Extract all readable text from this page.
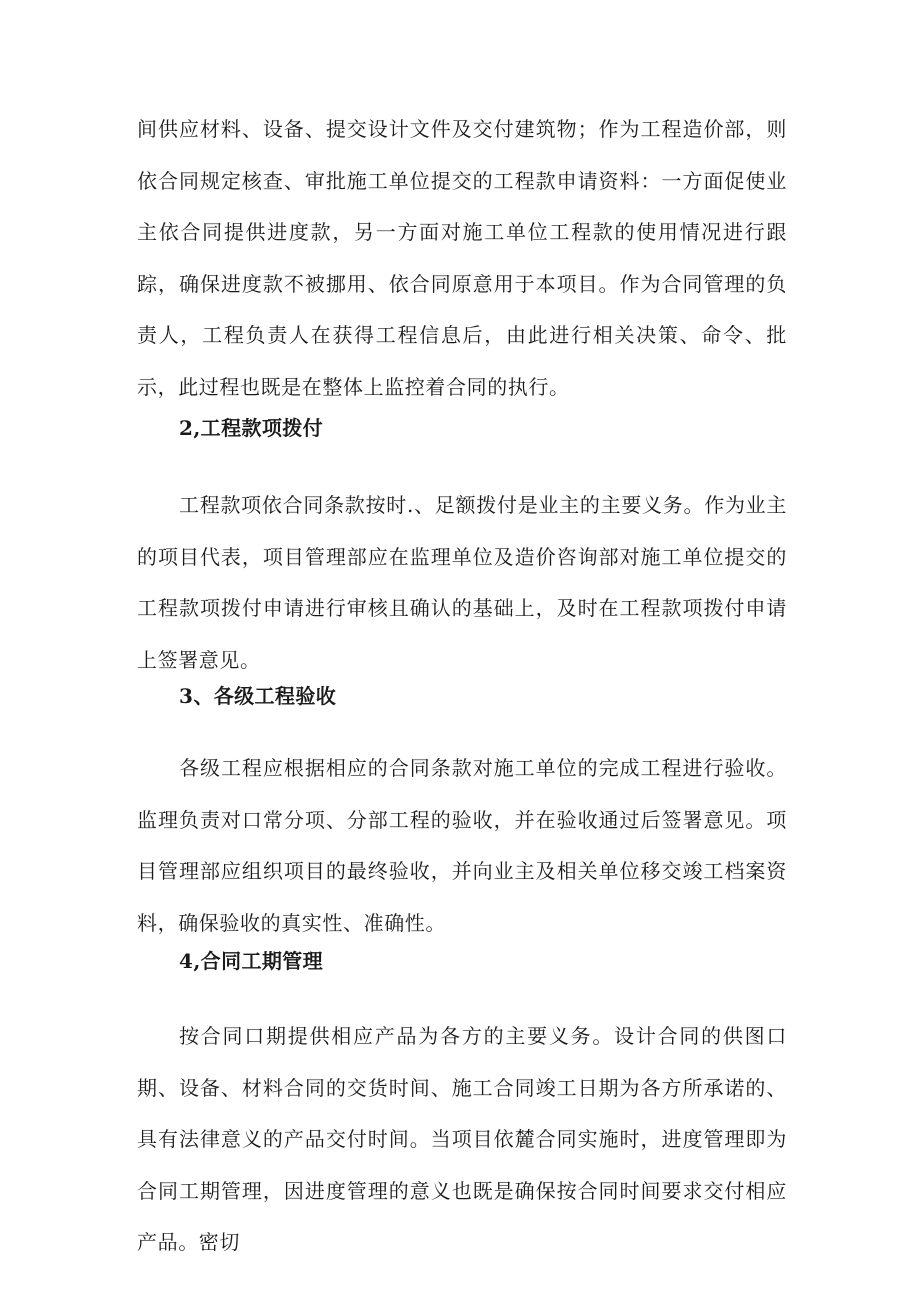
间供应材料、设备、提交设计文件及交付建筑物；作为工程造价部，则依合同规定核查、审批施工单位提交的工程款申请资料：一方面促使业主依合同提供进度款，另一方面对施工单位工程款的使用情况进行跟踪，确保进度款不被挪用、依合同原意用于本项目。作为合同管理的负责人，工程负责人在获得工程信息后，由此进行相关决策、命令、批示，此过程也既是在整体上监控着合同的执行。

2,工程款项拨付

工程款项依合同条款按时.、足额拨付是业主的主要义务。作为业主的项目代表，项目管理部应在监理单位及造价咨询部对施工单位提交的工程款项拨付申请进行审核且确认的基础上，及时在工程款项拨付申请上签署意见。

3、各级工程验收

各级工程应根据相应的合同条款对施工单位的完成工程进行验收。监理负责对口常分项、分部工程的验收，并在验收通过后签署意见。项目管理部应组织项目的最终验收，并向业主及相关单位移交竣工档案资料，确保验收的真实性、准确性。

4,合同工期管理

按合同口期提供相应产品为各方的主要义务。设计合同的供图口期、设备、材料合同的交货时间、施工合同竣工日期为各方所承诺的、具有法律意义的产品交付时间。当项目依麓合同实施时，进度管理即为合同工期管理，因进度管理的意义也既是确保按合同时间要求交付相应产品。密切
